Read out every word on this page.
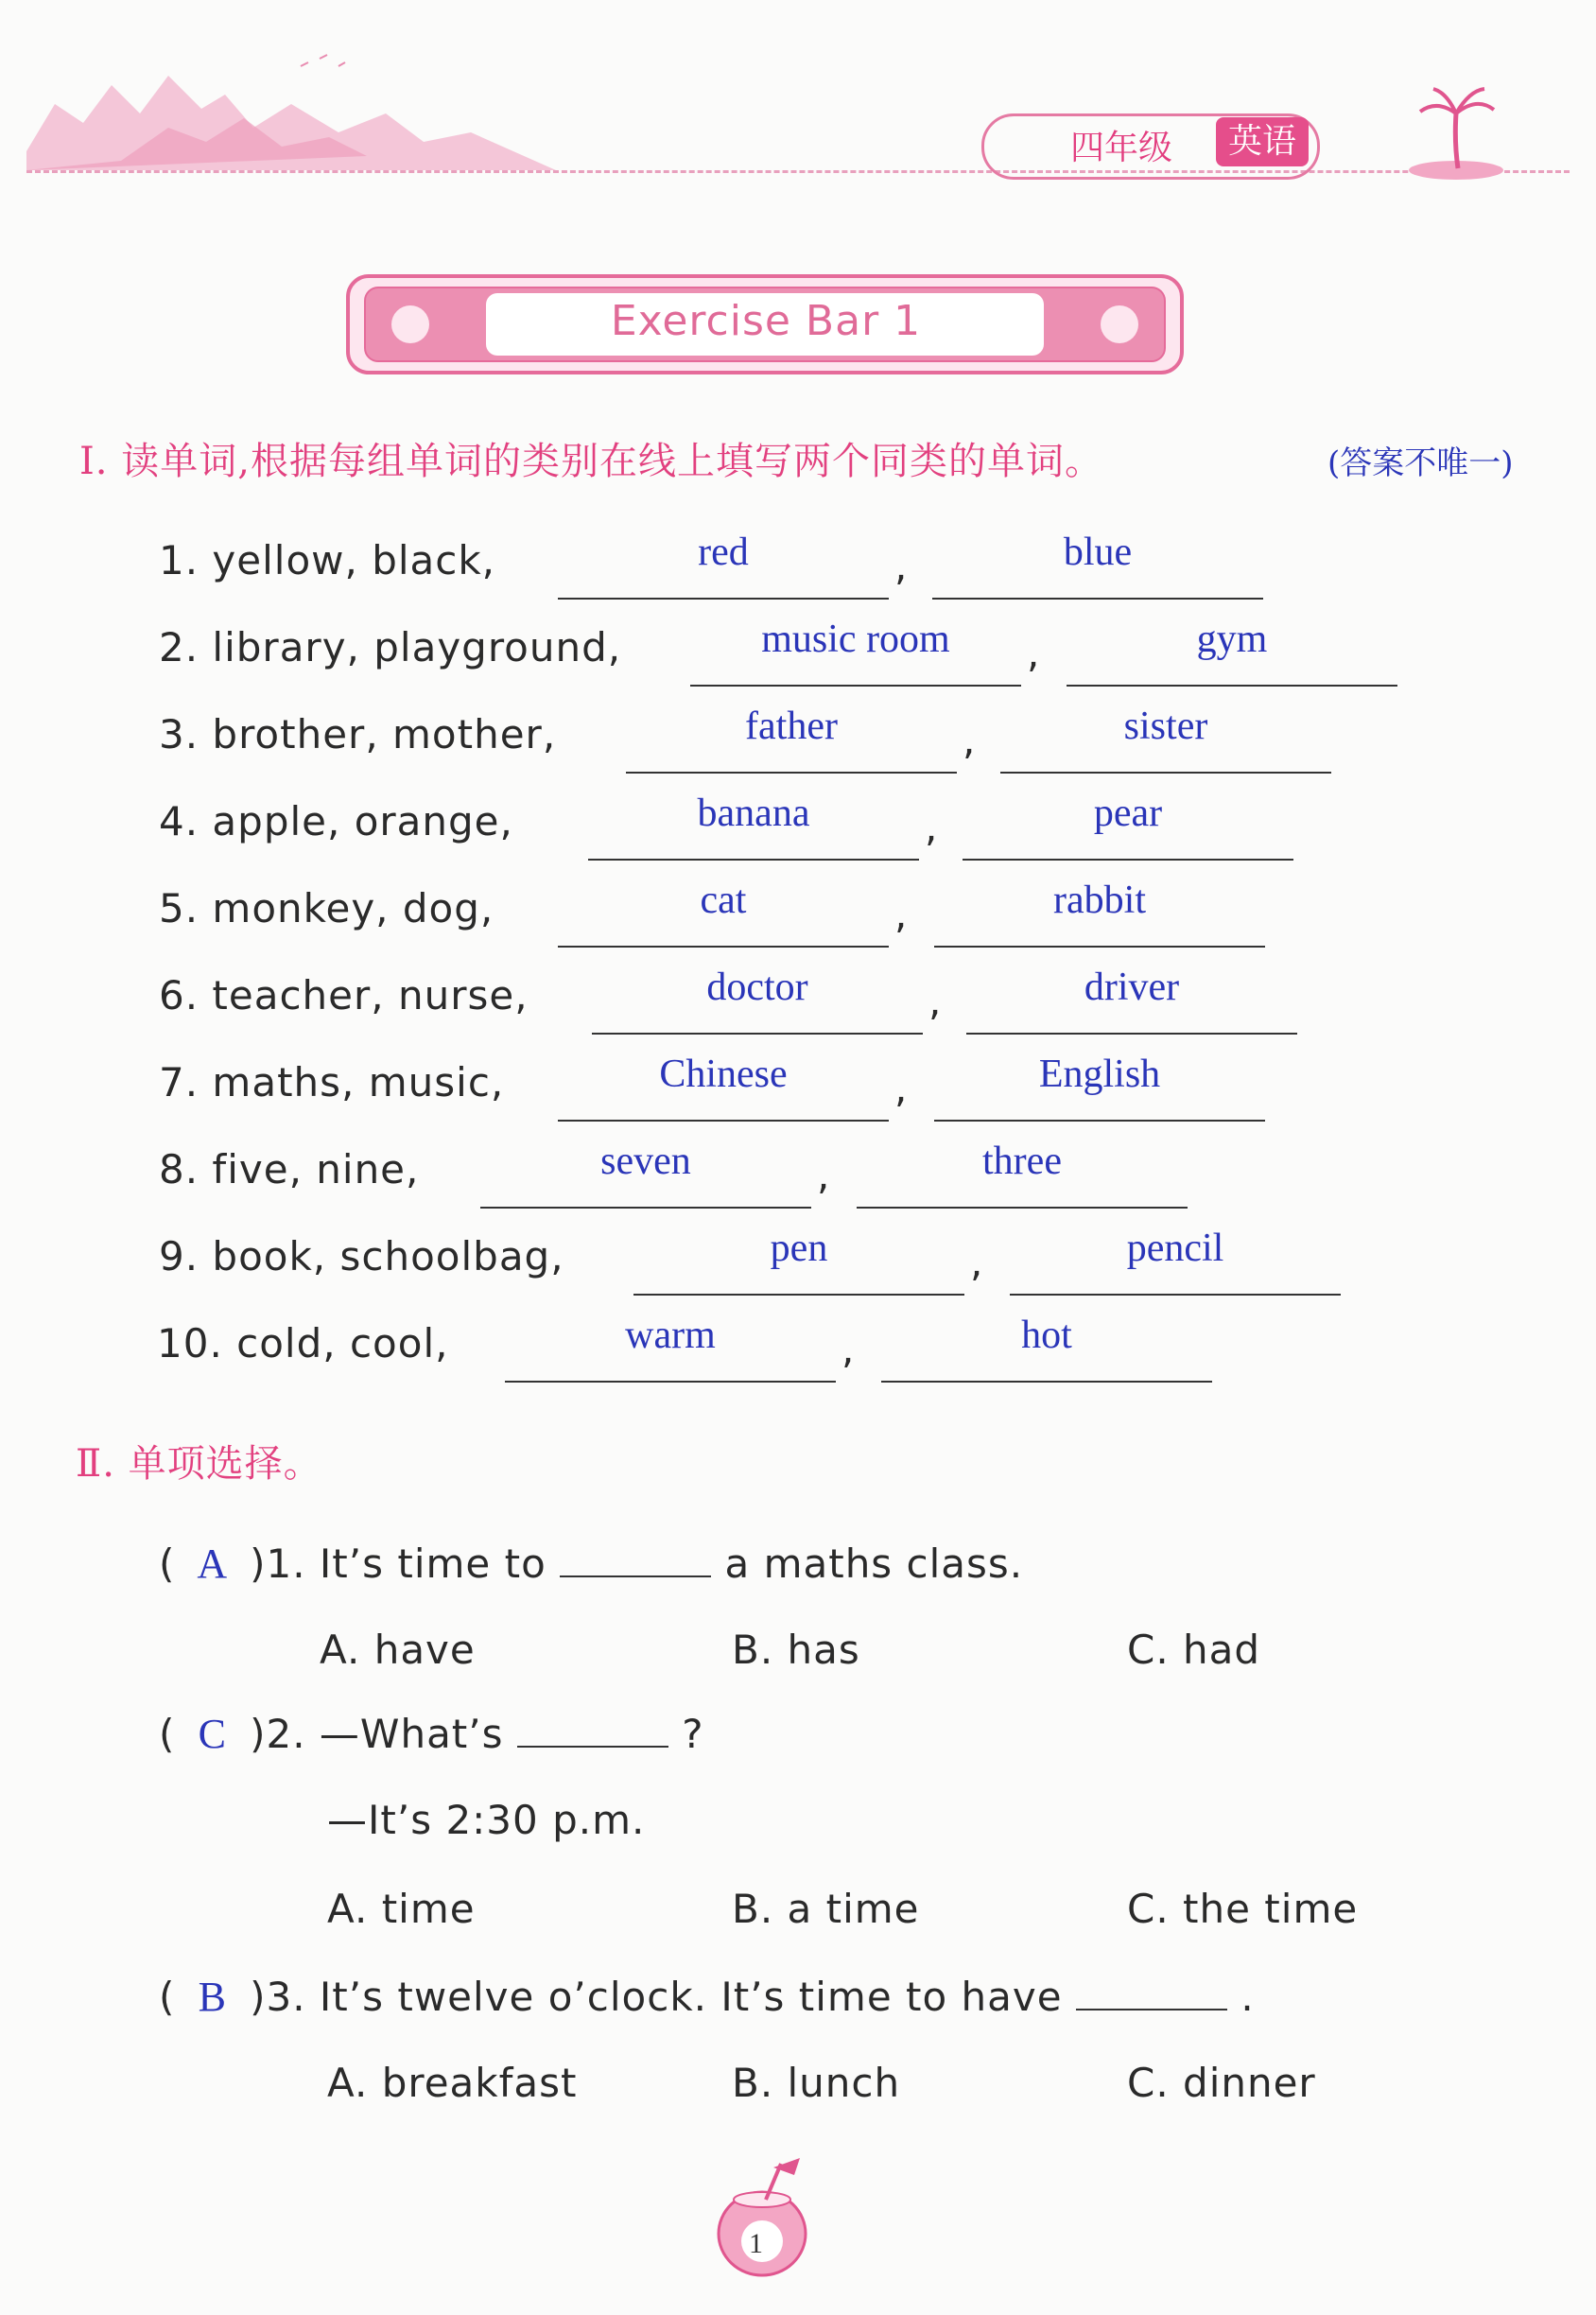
四年级	英语
Exercise Bar 1
Ⅰ. 读单词,根据每组单词的类别在线上填写两个同类的单词。	(答案不唯一)
1. yellow, black,	red	blue
,
2. library, playground,	music room	gym
,
3. brother, mother,	father	sister
,
4. apple, orange,	banana	pear
,
5. monkey, dog,	cat	rabbit
,
6. teacher, nurse,	doctor	driver
,
7. maths, music,	Chinese	English
,
8. five, nine,	seven	three
,
9. book, schoolbag,	pen	pencil
,
10. cold, cool,	warm	hot
,
Ⅱ. 单项选择。
( A )1. It’s time to	a maths class.
A. have	B. has	C. had
( C )2. —What’s	?
—It’s 2:30 p.m.
A. time	B. a time	C. the time
( B )3. It’s twelve o’clock. It’s time to have	.
A. breakfast	B. lunch	C. dinner
1
